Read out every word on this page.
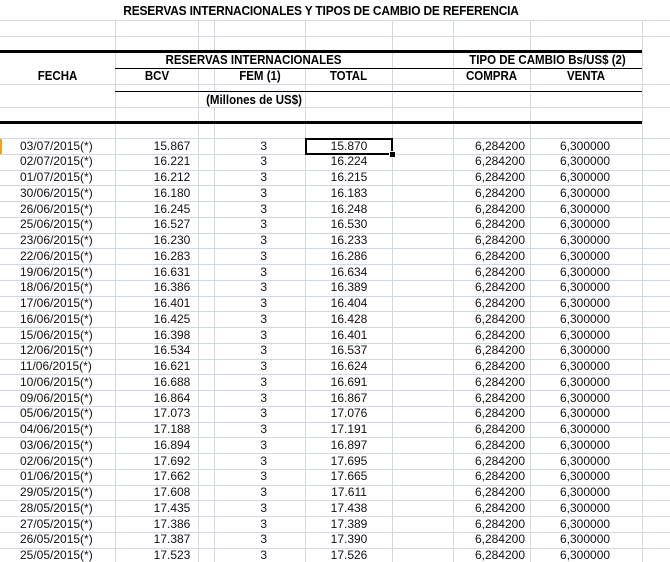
RESERVAS INTERNACIONALES Y TIPOS DE CAMBIO DE REFERENCIA
RESERVAS INTERNACIONALES	TIPO DE CAMBIO Bs/US$ (2)
FECHA	BCV	FEM (1)	TOTAL	COMPRA	VENTA
(Millones de US$)
03/07/2015(*)	15.867	3	15.870	6,284200	6,300000
02/07/2015(*)	16.221	3	16.224	6,284200	6,300000
01/07/2015(*)	16.212	3	16.215	6,284200	6,300000
30/06/2015(*)	16.180	3	16.183	6,284200	6,300000
26/06/2015(*)	16.245	3	16.248	6,284200	6,300000
25/06/2015(*)	16.527	3	16.530	6,284200	6,300000
23/06/2015(*)	16.230	3	16.233	6,284200	6,300000
22/06/2015(*)	16.283	3	16.286	6,284200	6,300000
19/06/2015(*)	16.631	3	16.634	6,284200	6,300000
18/06/2015(*)	16.386	3	16.389	6,284200	6,300000
17/06/2015(*)	16.401	3	16.404	6,284200	6,300000
16/06/2015(*)	16.425	3	16.428	6,284200	6,300000
15/06/2015(*)	16.398	3	16.401	6,284200	6,300000
12/06/2015(*)	16.534	3	16.537	6,284200	6,300000
11/06/2015(*)	16.621	3	16.624	6,284200	6,300000
10/06/2015(*)	16.688	3	16.691	6,284200	6,300000
09/06/2015(*)	16.864	3	16.867	6,284200	6,300000
05/06/2015(*)	17.073	3	17.076	6,284200	6,300000
04/06/2015(*)	17.188	3	17.191	6,284200	6,300000
03/06/2015(*)	16.894	3	16.897	6,284200	6,300000
02/06/2015(*)	17.692	3	17.695	6,284200	6,300000
01/06/2015(*)	17.662	3	17.665	6,284200	6,300000
29/05/2015(*)	17.608	3	17.611	6,284200	6,300000
28/05/2015(*)	17.435	3	17.438	6,284200	6,300000
27/05/2015(*)	17.386	3	17.389	6,284200	6,300000
26/05/2015(*)	17.387	3	17.390	6,284200	6,300000
25/05/2015(*)	17.523	3	17.526	6,284200	6,300000
